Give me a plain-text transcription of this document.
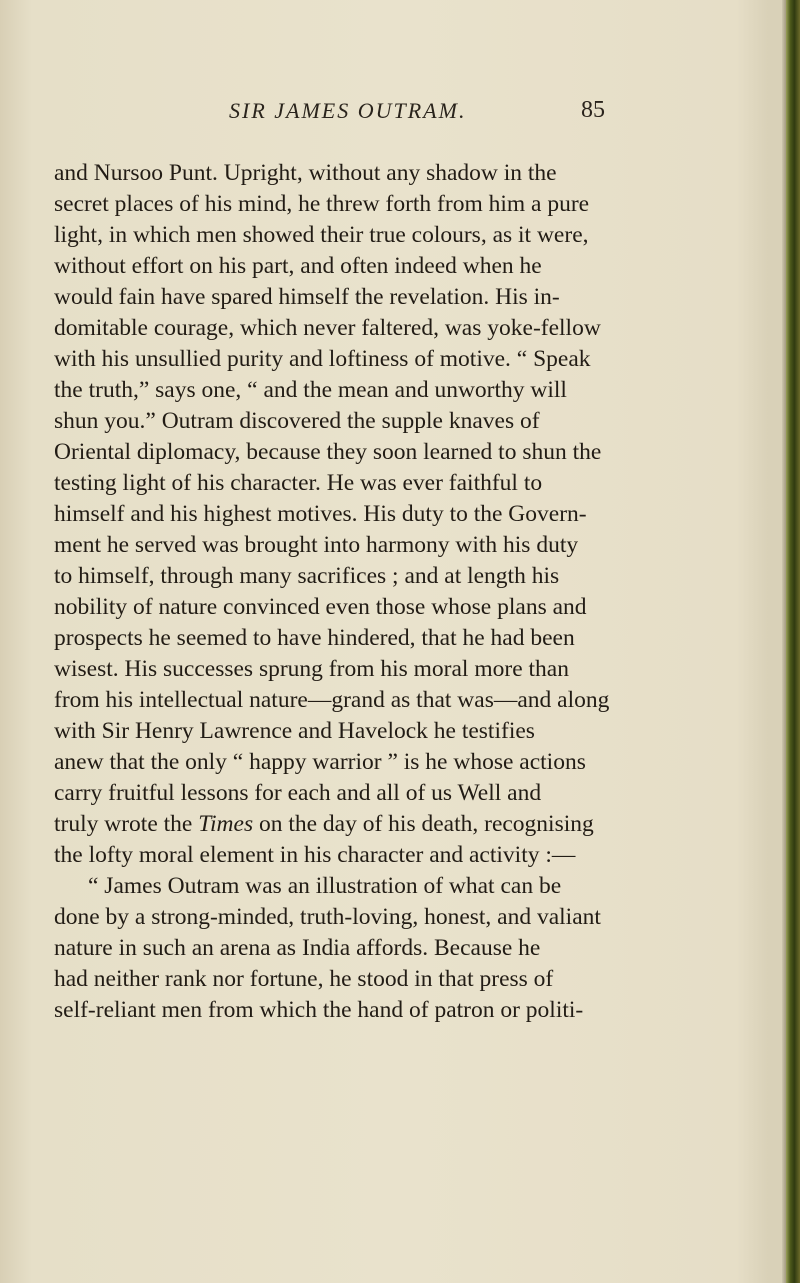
SIR JAMES OUTRAM.	85
and Nursoo Punt. Upright, without any shadow in the
secret places of his mind, he threw forth from him a pure
light, in which men showed their true colours, as it were,
without effort on his part, and often indeed when he
would fain have spared himself the revelation. His in-
domitable courage, which never faltered, was yoke-fellow
with his unsullied purity and loftiness of motive. “ Speak
the truth,” says one, “ and the mean and unworthy will
shun you.” Outram discovered the supple knaves of
Oriental diplomacy, because they soon learned to shun the
testing light of his character. He was ever faithful to
himself and his highest motives. His duty to the Govern-
ment he served was brought into harmony with his duty
to himself, through many sacrifices ; and at length his
nobility of nature convinced even those whose plans and
prospects he seemed to have hindered, that he had been
wisest. His successes sprung from his moral more than
from his intellectual nature—grand as that was—and along
with Sir Henry Lawrence and Havelock he testifies
anew that the only “ happy warrior ” is he whose actions
carry fruitful lessons for each and all of us Well and
truly wrote the Times on the day of his death, recognising
the lofty moral element in his character and activity :—
“ James Outram was an illustration of what can be
done by a strong-minded, truth-loving, honest, and valiant
nature in such an arena as India affords. Because he
had neither rank nor fortune, he stood in that press of
self-reliant men from which the hand of patron or politi-
